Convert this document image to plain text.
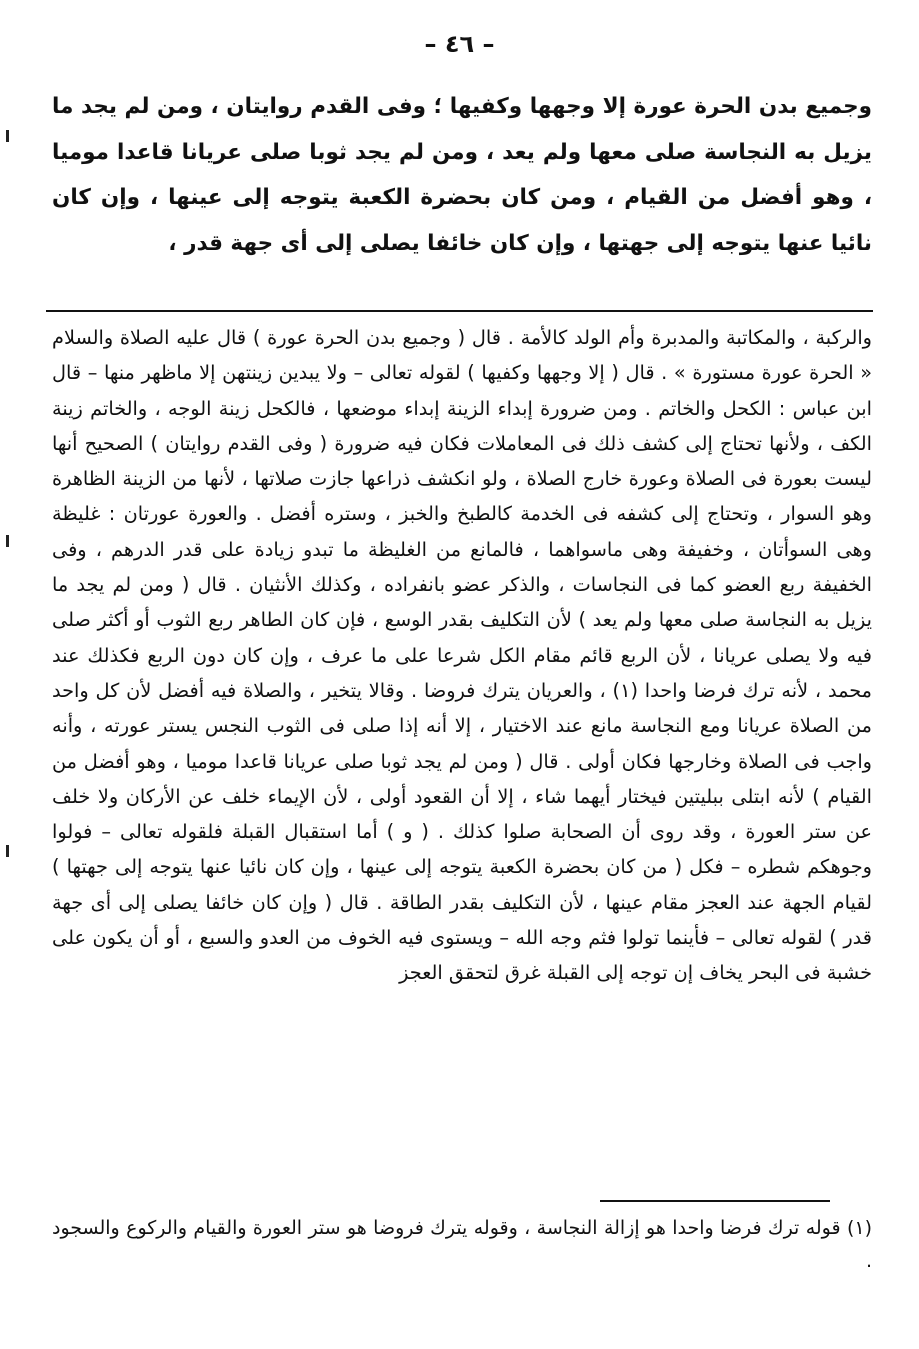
– ٤٦ –

وجميع بدن الحرة عورة إلا وجهها وكفيها ؛ وفى القدم روايتان ، ومن لم يجد ما يزيل به النجاسة صلى معها ولم يعد ، ومن لم يجد ثوبا صلى عريانا قاعدا موميا ، وهو أفضل من القيام ، ومن كان بحضرة الكعبة يتوجه إلى عينها ، وإن كان نائيا عنها يتوجه إلى جهتها ، وإن كان خائفا يصلى إلى أى جهة قدر ،

والركبة ، والمكاتبة والمدبرة وأم الولد كالأمة . قال ( وجميع بدن الحرة عورة ) قال عليه الصلاة والسلام « الحرة عورة مستورة » . قال ( إلا وجهها وكفيها ) لقوله تعالى – ولا يبدين زينتهن إلا ماظهر منها – قال ابن عباس : الكحل والخاتم . ومن ضرورة إبداء الزينة إبداء موضعها ، فالكحل زينة الوجه ، والخاتم زينة الكف ، ولأنها تحتاج إلى كشف ذلك فى المعاملات فكان فيه ضرورة ( وفى القدم روايتان ) الصحيح أنها ليست بعورة فى الصلاة وعورة خارج الصلاة ، ولو انكشف ذراعها جازت صلاتها ، لأنها من الزينة الظاهرة وهو السوار ، وتحتاج إلى كشفه فى الخدمة كالطبخ والخبز ، وستره أفضل . والعورة عورتان : غليظة وهى السوأتان ، وخفيفة وهى ماسواهما ، فالمانع من الغليظة ما تبدو زيادة على قدر الدرهم ، وفى الخفيفة ربع العضو كما فى النجاسات ، والذكر عضو بانفراده ، وكذلك الأنثيان . قال ( ومن لم يجد ما يزيل به النجاسة صلى معها ولم يعد ) لأن التكليف بقدر الوسع ، فإن كان الطاهر ربع الثوب أو أكثر صلى فيه ولا يصلى عريانا ، لأن الربع قائم مقام الكل شرعا على ما عرف ، وإن كان دون الربع فكذلك عند محمد ، لأنه ترك فرضا واحدا (١) ، والعريان يترك فروضا . وقالا يتخير ، والصلاة فيه أفضل لأن كل واحد من الصلاة عريانا ومع النجاسة مانع عند الاختيار ، إلا أنه إذا صلى فى الثوب النجس يستر عورته ، وأنه واجب فى الصلاة وخارجها فكان أولى . قال ( ومن لم يجد ثوبا صلى عريانا قاعدا موميا ، وهو أفضل من القيام ) لأنه ابتلى ببليتين فيختار أيهما شاء ، إلا أن القعود أولى ، لأن الإيماء خلف عن الأركان ولا خلف عن ستر العورة ، وقد روى أن الصحابة صلوا كذلك . ( و ) أما استقبال القبلة فلقوله تعالى – فولوا وجوهكم شطره – فكل ( من كان بحضرة الكعبة يتوجه إلى عينها ، وإن كان نائيا عنها يتوجه إلى جهتها ) لقيام الجهة عند العجز مقام عينها ، لأن التكليف بقدر الطاقة . قال ( وإن كان خائفا يصلى إلى أى جهة قدر ) لقوله تعالى – فأينما تولوا فثم وجه الله – ويستوى فيه الخوف من العدو والسبع ، أو أن يكون على خشبة فى البحر يخاف إن توجه إلى القبلة غرق لتحقق العجز

(١) قوله ترك فرضا واحدا هو إزالة النجاسة ، وقوله يترك فروضا هو ستر العورة والقيام والركوع والسجود .
